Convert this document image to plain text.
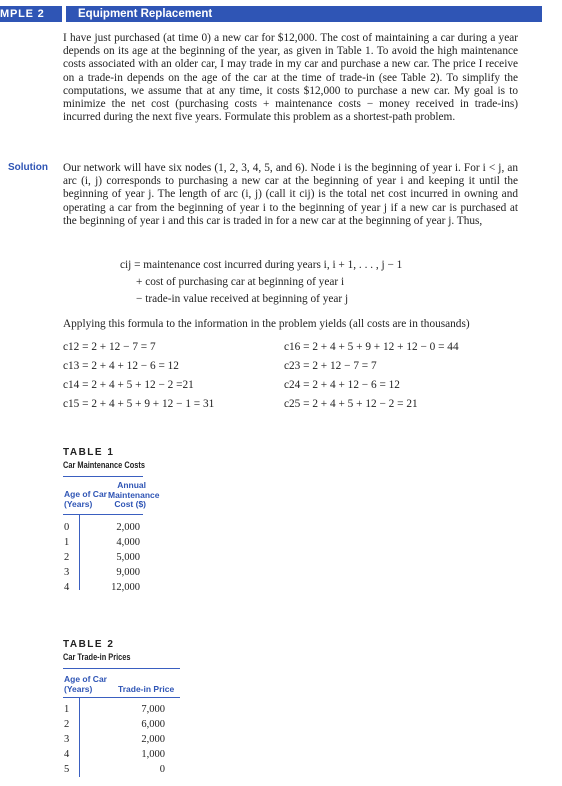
MPLE 2	Equipment Replacement

I have just purchased (at time 0) a new car for $12,000. The cost of maintaining a car during a year depends on its age at the beginning of the year, as given in Table 1. To avoid the high maintenance costs associated with an older car, I may trade in my car and purchase a new car. The price I receive on a trade-in depends on the age of the car at the time of trade-in (see Table 2). To simplify the computations, we assume that at any time, it costs $12,000 to purchase a new car. My goal is to minimize the net cost (purchasing costs + maintenance costs − money received in trade-ins) incurred during the next five years. Formulate this problem as a shortest-path problem.

Solution Our network will have six nodes (1, 2, 3, 4, 5, and 6). Node i is the beginning of year i. For i < j, an arc (i, j) corresponds to purchasing a new car at the beginning of year i and keeping it until the beginning of year j. The length of arc (i, j) (call it cij) is the total net cost incurred in owning and operating a car from the beginning of year i to the beginning of year j if a new car is purchased at the beginning of year i and this car is traded in for a new car at the beginning of year j. Thus,

cij = maintenance cost incurred during years i, i + 1, . . . , j − 1
+ cost of purchasing car at beginning of year i
− trade-in value received at beginning of year j

Applying this formula to the information in the problem yields (all costs are in thousands)

c12 = 2 + 12 − 7 = 7
c13 = 2 + 4 + 12 − 6 = 12
c14 = 2 + 4 + 5 + 12 − 2 =21
c15 = 2 + 4 + 5 + 9 + 12 − 1 = 31
c16 = 2 + 4 + 5 + 9 + 12 + 12 − 0 = 44
c23 = 2 + 12 − 7 = 7
c24 = 2 + 4 + 12 − 6 = 12
c25 = 2 + 4 + 5 + 12 − 2 = 21
TABLE 1
Car Maintenance Costs
Age of Car
(Years)
Annual
Maintenance
Cost ($)
0
1
2
3
4
2,000
4,000
5,000
9,000
12,000
TABLE 2
Car Trade-in Prices
Age of Car
(Years)	Trade-in Price
1
2
3
4
5
7,000
6,000
2,000
1,000
0
